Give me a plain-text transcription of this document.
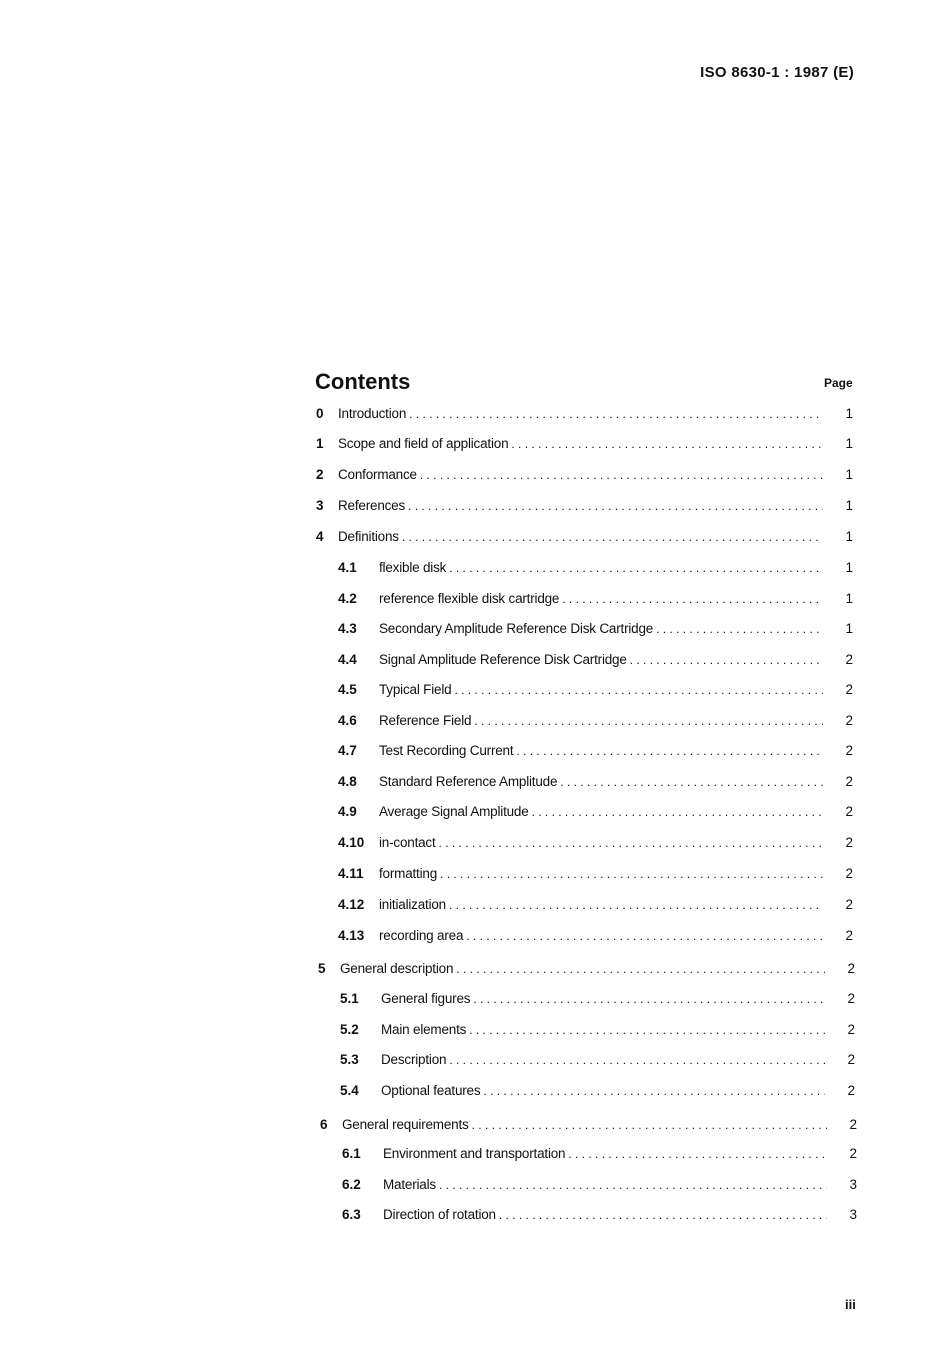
ISO 8630-1 : 1987 (E)
Contents	Page
0	Introduction . . .	1
1	Scope and field of application . . .	1
2	Conformance . . .	1
3	References . . .	1
4	Definitions . . .	1
4.1	flexible disk . . .	1
4.2	reference flexible disk cartridge . . .	1
4.3	Secondary Amplitude Reference Disk Cartridge . . .	1
4.4	Signal Amplitude Reference Disk Cartridge . . .	2
4.5	Typical Field . . .	2
4.6	Reference Field . . .	2
4.7	Test Recording Current . . .	2
4.8	Standard Reference Amplitude . . .	2
4.9	Average Signal Amplitude . . .	2
4.10	in-contact . . .	2
4.11	formatting . . .	2
4.12	initialization . . .	2
4.13	recording area . . .	2
5	General description . . .	2
5.1	General figures . . .	2
5.2	Main elements . . .	2
5.3	Description . . .	2
5.4	Optional features . . .	2
6	General requirements . . .	2
6.1	Environment and transportation . . .	2
6.2	Materials . . .	3
6.3	Direction of rotation . . .	3
iii
